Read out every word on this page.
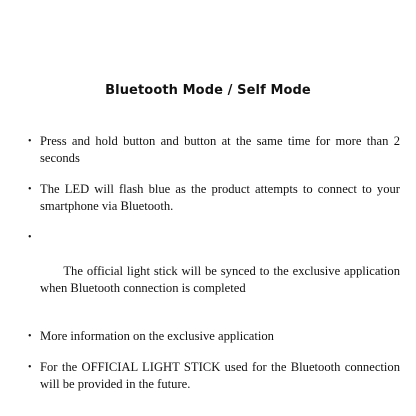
Bluetooth Mode / Self Mode
• Press and hold button and button at the same time for more than 2 seconds
• The LED will flash blue as the product attempts to connect to your smartphone via Bluetooth.

•

The official light stick will be synced to the exclusive application  when Bluetooth connection is completed

• More information on the exclusive application
• For the OFFICIAL LIGHT STICK used for the Bluetooth connection will be provided in the future.
